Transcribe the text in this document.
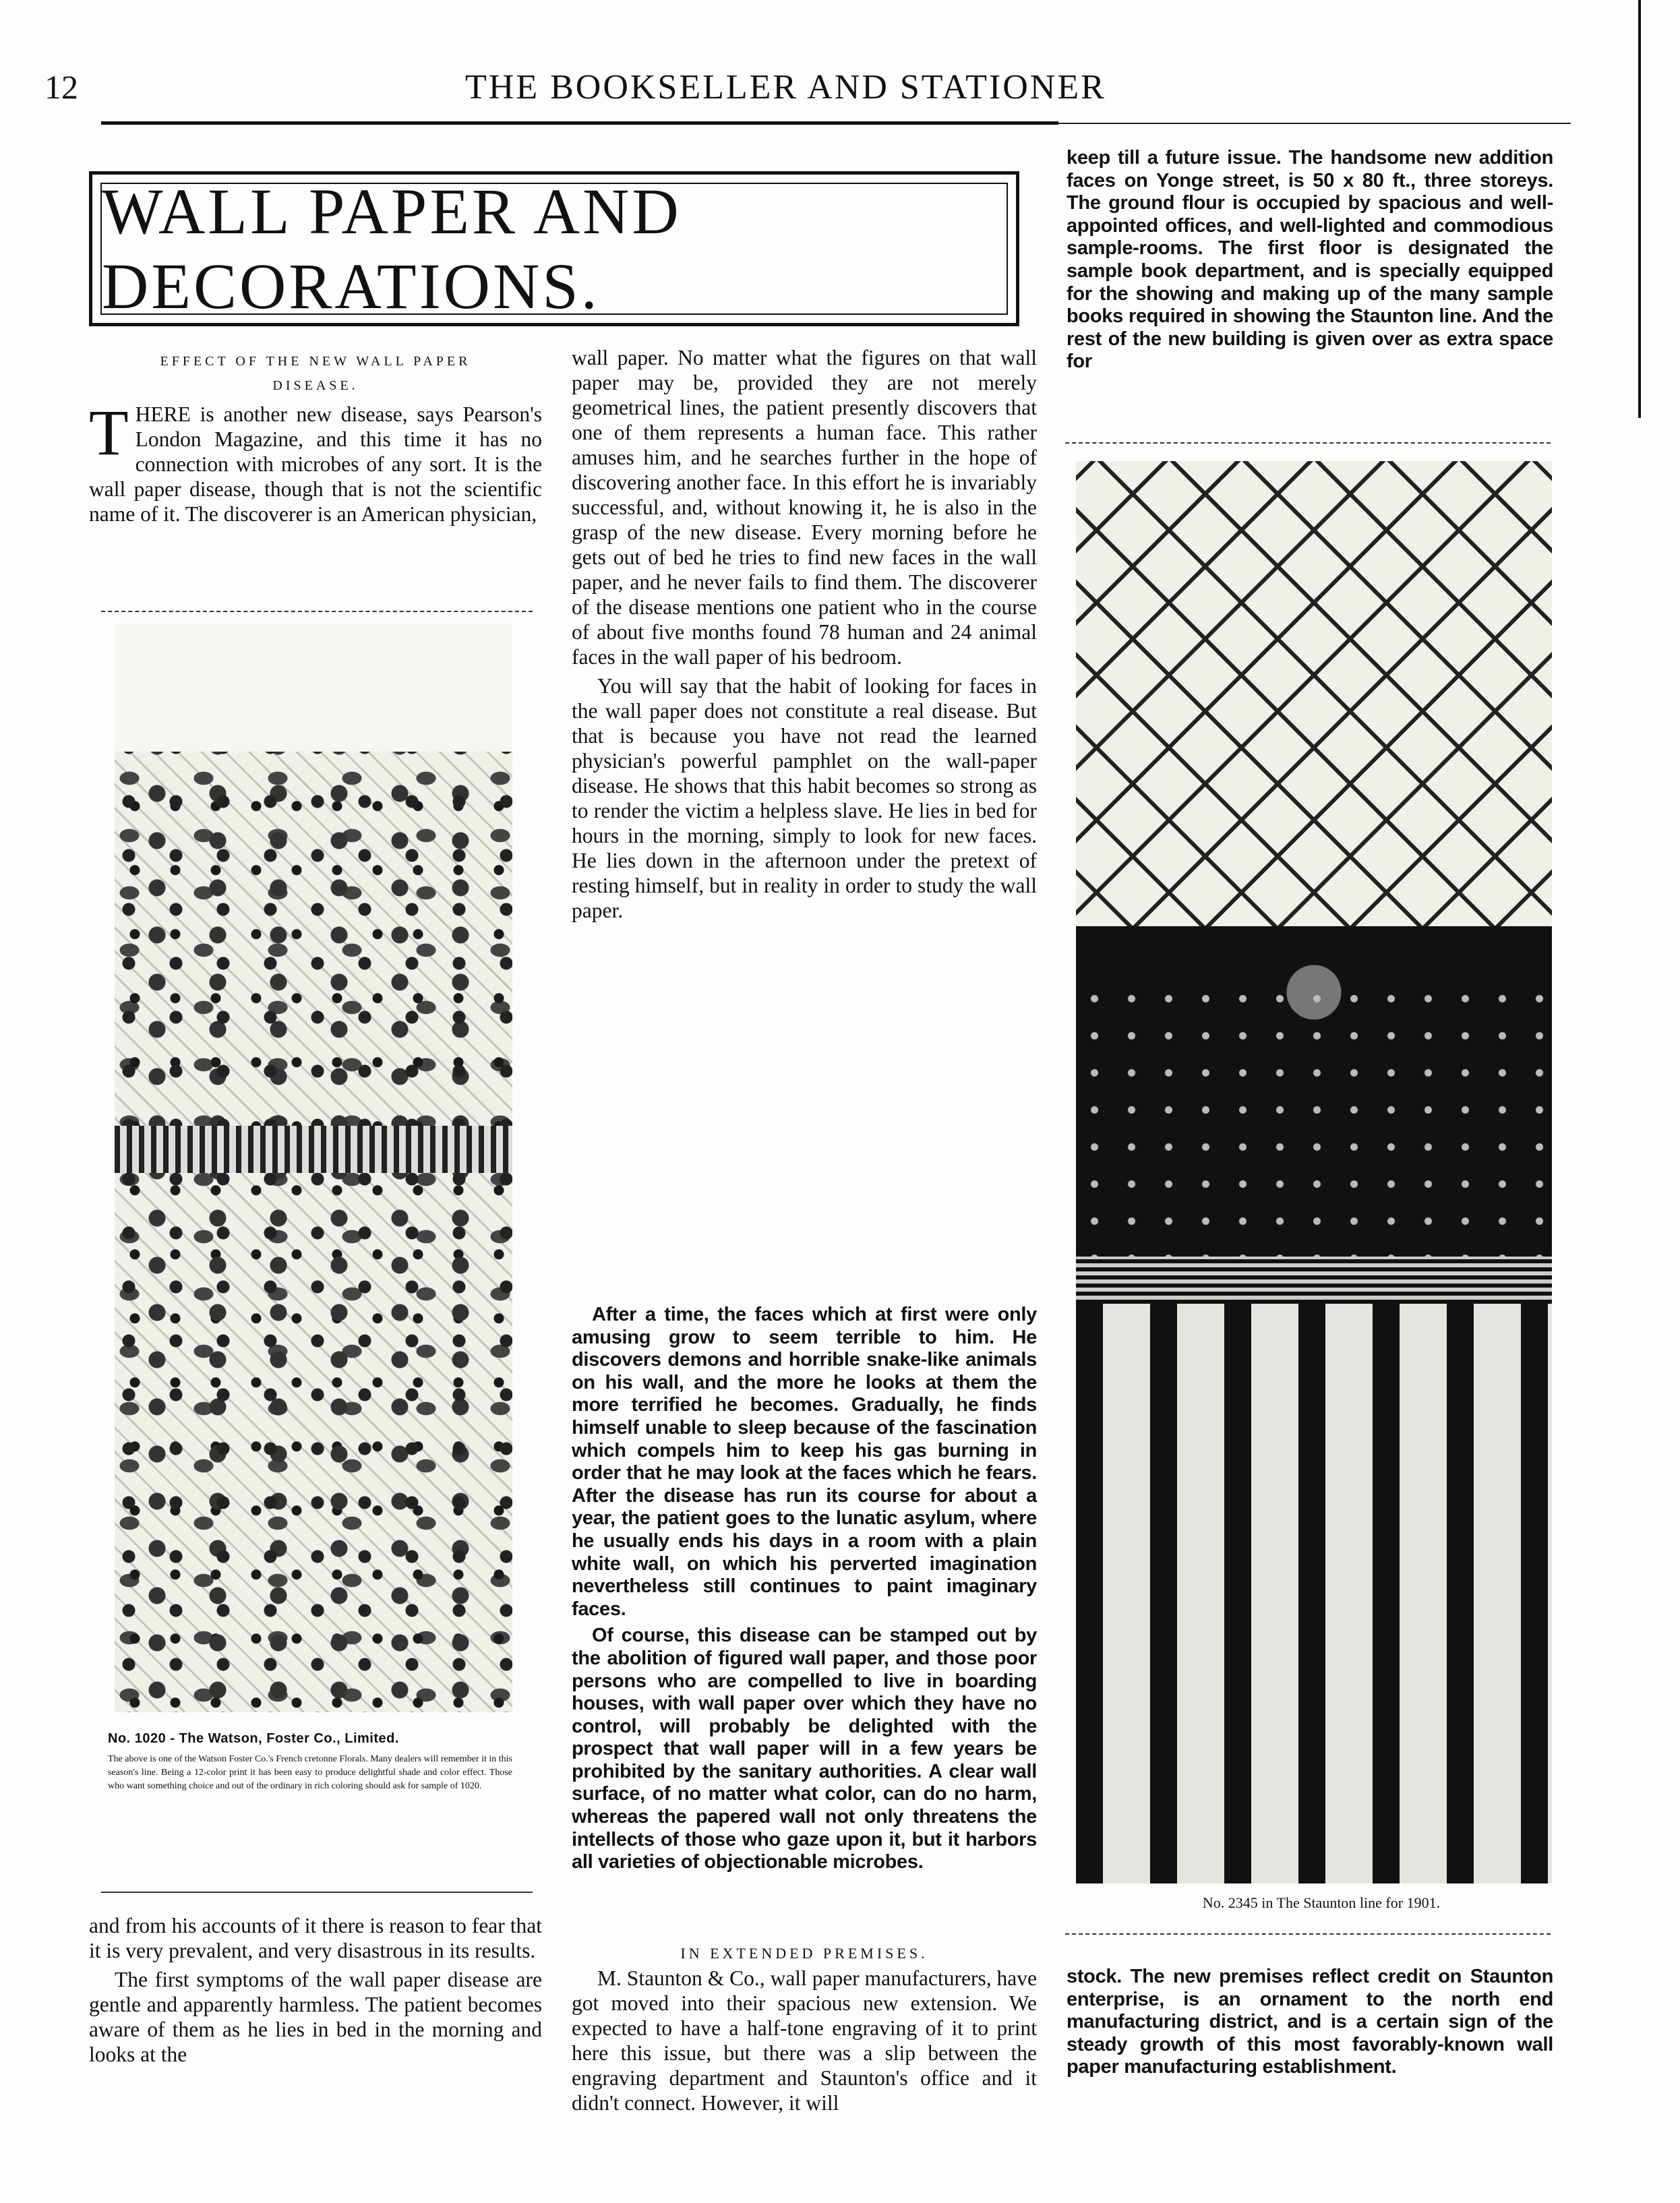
12	THE BOOKSELLER AND STATIONER
WALL PAPER AND DECORATIONS.
EFFECT OF THE NEW WALL PAPER
DISEASE.

THERE is another new disease, says Pearson's London Magazine, and this time it has no connection with microbes of any sort. It is the wall paper disease, though that is not the scientific name of it. The discoverer is an American physician,

No. 1020 - The Watson, Foster Co., Limited.
The above is one of the Watson Foster Co.'s French cretonne Florals. Many dealers will remember it in this season's line. Being a 12-color print it has been easy to produce delightful shade and color effect. Those who want something choice and out of the ordinary in rich coloring should ask for sample of 1020.

and from his accounts of it there is reason to fear that it is very prevalent, and very disastrous in its results.

The first symptoms of the wall paper disease are gentle and apparently harmless. The patient becomes aware of them as he lies in bed in the morning and looks at the

wall paper. No matter what the figures on that wall paper may be, provided they are not merely geometrical lines, the patient presently discovers that one of them represents a human face. This rather amuses him, and he searches further in the hope of discovering another face. In this effort he is invariably successful, and, without knowing it, he is also in the grasp of the new disease. Every morning before he gets out of bed he tries to find new faces in the wall paper, and he never fails to find them. The discoverer of the disease mentions one patient who in the course of about five months found 78 human and 24 animal faces in the wall paper of his bedroom.

You will say that the habit of looking for faces in the wall paper does not constitute a real disease. But that is because you have not read the learned physician's powerful pamphlet on the wall-paper disease. He shows that this habit becomes so strong as to render the victim a helpless slave. He lies in bed for hours in the morning, simply to look for new faces. He lies down in the afternoon under the pretext of resting himself, but in reality in order to study the wall paper.

After a time, the faces which at first were only amusing grow to seem terrible to him. He discovers demons and horrible snake-like animals on his wall, and the more he looks at them the more terrified he becomes. Gradually, he finds himself unable to sleep because of the fascination which compels him to keep his gas burning in order that he may look at the faces which he fears. After the disease has run its course for about a year, the patient goes to the lunatic asylum, where he usually ends his days in a room with a plain white wall, on which his perverted imagination nevertheless still continues to paint imaginary faces.

Of course, this disease can be stamped out by the abolition of figured wall paper, and those poor persons who are compelled to live in boarding houses, with wall paper over which they have no control, will probably be delighted with the prospect that wall paper will in a few years be prohibited by the sanitary authorities. A clear wall surface, of no matter what color, can do no harm, whereas the papered wall not only threatens the intellects of those who gaze upon it, but it harbors all varieties of objectionable microbes.

IN EXTENDED PREMISES.

M. Staunton & Co., wall paper manufacturers, have got moved into their spacious new extension. We expected to have a half-tone engraving of it to print here this issue, but there was a slip between the engraving department and Staunton's office and it didn't connect. However, it will

keep till a future issue. The handsome new addition faces on Yonge street, is 50 x 80 ft., three storeys. The ground flour is occupied by spacious and well-appointed offices, and well-lighted and commodious sample-rooms. The first floor is designated the sample book department, and is specially equipped for the showing and making up of the many sample books required in showing the Staunton line. And the rest of the new building is given over as extra space for

No. 2345 in The Staunton line for 1901.

stock. The new premises reflect credit on Staunton enterprise, is an ornament to the north end manufacturing district, and is a certain sign of the steady growth of this most favorably-known wall paper manufacturing establishment.
